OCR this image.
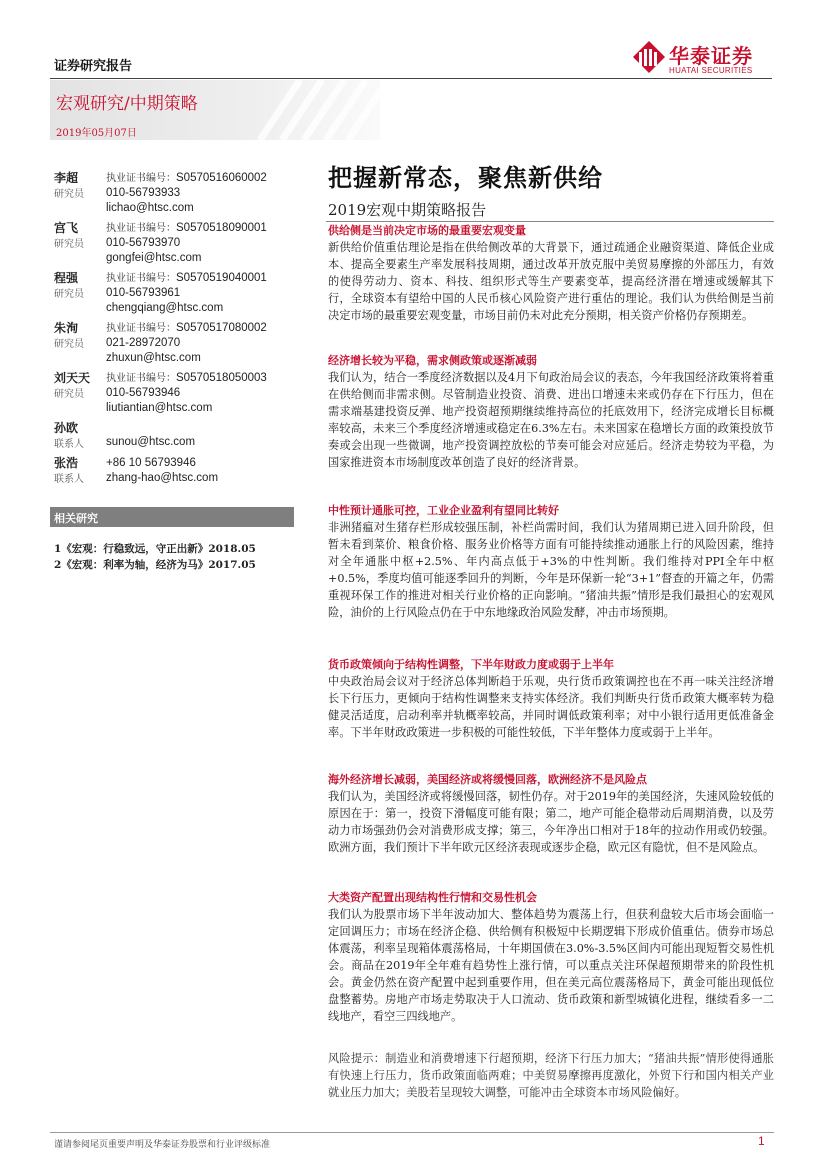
证券研究报告	华泰证券
HUATAI SECURITIES
宏观研究/中期策略
2019年05月07日
李超
研究员
执业证书编号：S0570516060002
010-56793933
lichao@htsc.com
宫飞
研究员
执业证书编号：S0570518090001
010-56793970
gongfei@htsc.com
程强
研究员
执业证书编号：S0570519040001
010-56793961
chengqiang@htsc.com
朱洵
研究员
执业证书编号：S0570517080002
021-28972070
zhuxun@htsc.com
刘天天
研究员
执业证书编号：S0570518050003
010-56793946
liutiantian@htsc.com
孙欧
联系人 sunou@htsc.com
张浩
联系人
+86 10 56793946
zhang-hao@htsc.com
相关研究
1《宏观：行稳致远，守正出新》2018.05
2《宏观：利率为轴，经济为马》2017.05
把握新常态，聚焦新供给
2019宏观中期策略报告
供给侧是当前决定市场的最重要宏观变量
新供给价值重估理论是指在供给侧改革的大背景下，通过疏通企业融资渠道、降低企业成本、提高全要素生产率发展科技周期，通过改革开放克服中美贸易摩擦的外部压力，有效的使得劳动力、资本、科技、组织形式等生产要素变革，提高经济潜在增速或缓解其下行，全球资本有望给中国的人民币核心风险资产进行重估的理论。我们认为供给侧是当前决定市场的最重要宏观变量，市场目前仍未对此充分预期，相关资产价格仍存预期差。
经济增长较为平稳，需求侧政策或逐渐减弱
我们认为，结合一季度经济数据以及4月下旬政治局会议的表态，今年我国经济政策将着重在供给侧而非需求侧。尽管制造业投资、消费、进出口增速未来或仍存在下行压力，但在需求端基建投资反弹、地产投资超预期继续维持高位的托底效用下，经济完成增长目标概率较高，未来三个季度经济增速或稳定在6.3%左右。未来国家在稳增长方面的政策投放节奏或会出现一些微调，地产投资调控放松的节奏可能会对应延后。经济走势较为平稳，为国家推进资本市场制度改革创造了良好的经济背景。
中性预计通胀可控，工业企业盈利有望同比转好
非洲猪瘟对生猪存栏形成较强压制，补栏尚需时间，我们认为猪周期已进入回升阶段，但暂未看到菜价、粮食价格、服务业价格等方面有可能持续推动通胀上行的风险因素，维持对全年通胀中枢+2.5%、年内高点低于+3%的中性判断。我们维持对PPI全年中枢+0.5%，季度均值可能逐季回升的判断，今年是环保新一轮“3+1”督查的开篇之年，仍需重视环保工作的推进对相关行业价格的正向影响。“猪油共振”情形是我们最担心的宏观风险，油价的上行风险点仍在于中东地缘政治风险发酵，冲击市场预期。
货币政策倾向于结构性调整，下半年财政力度或弱于上半年
中央政治局会议对于经济总体判断趋于乐观，央行货币政策调控也在不再一味关注经济增长下行压力，更倾向于结构性调整来支持实体经济。我们判断央行货币政策大概率转为稳健灵活适度，启动利率并轨概率较高，并同时调低政策利率；对中小银行适用更低准备金率。下半年财政政策进一步积极的可能性较低，下半年整体力度或弱于上半年。
海外经济增长减弱，美国经济或将缓慢回落，欧洲经济不是风险点
我们认为，美国经济或将缓慢回落，韧性仍存。对于2019年的美国经济，失速风险较低的原因在于：第一，投资下滑幅度可能有限；第二，地产可能企稳带动后周期消费，以及劳动力市场强劲仍会对消费形成支撑；第三，今年净出口相对于18年的拉动作用或仍较强。欧洲方面，我们预计下半年欧元区经济表现或逐步企稳，欧元区有隐忧，但不是风险点。
大类资产配置出现结构性行情和交易性机会
我们认为股票市场下半年波动加大、整体趋势为震荡上行，但获利盘较大后市场会面临一定回调压力；市场在经济企稳、供给侧有积极短中长期逻辑下形成价值重估。债券市场总体震荡，利率呈现箱体震荡格局，十年期国债在3.0%-3.5%区间内可能出现短暂交易性机会。商品在2019年全年难有趋势性上涨行情，可以重点关注环保超预期带来的阶段性机会。黄金仍然在资产配置中起到重要作用，但在美元高位震荡格局下，黄金可能出现低位盘整蓄势。房地产市场走势取决于人口流动、货币政策和新型城镇化进程，继续看多一二线地产，看空三四线地产。
风险提示：制造业和消费增速下行超预期，经济下行压力加大；“猪油共振”情形使得通胀有快速上行压力，货币政策面临两难；中美贸易摩擦再度激化，外贸下行和国内相关产业就业压力加大；美股若呈现较大调整，可能冲击全球资本市场风险偏好。
谨请参阅尾页重要声明及华泰证券股票和行业评级标准	1
